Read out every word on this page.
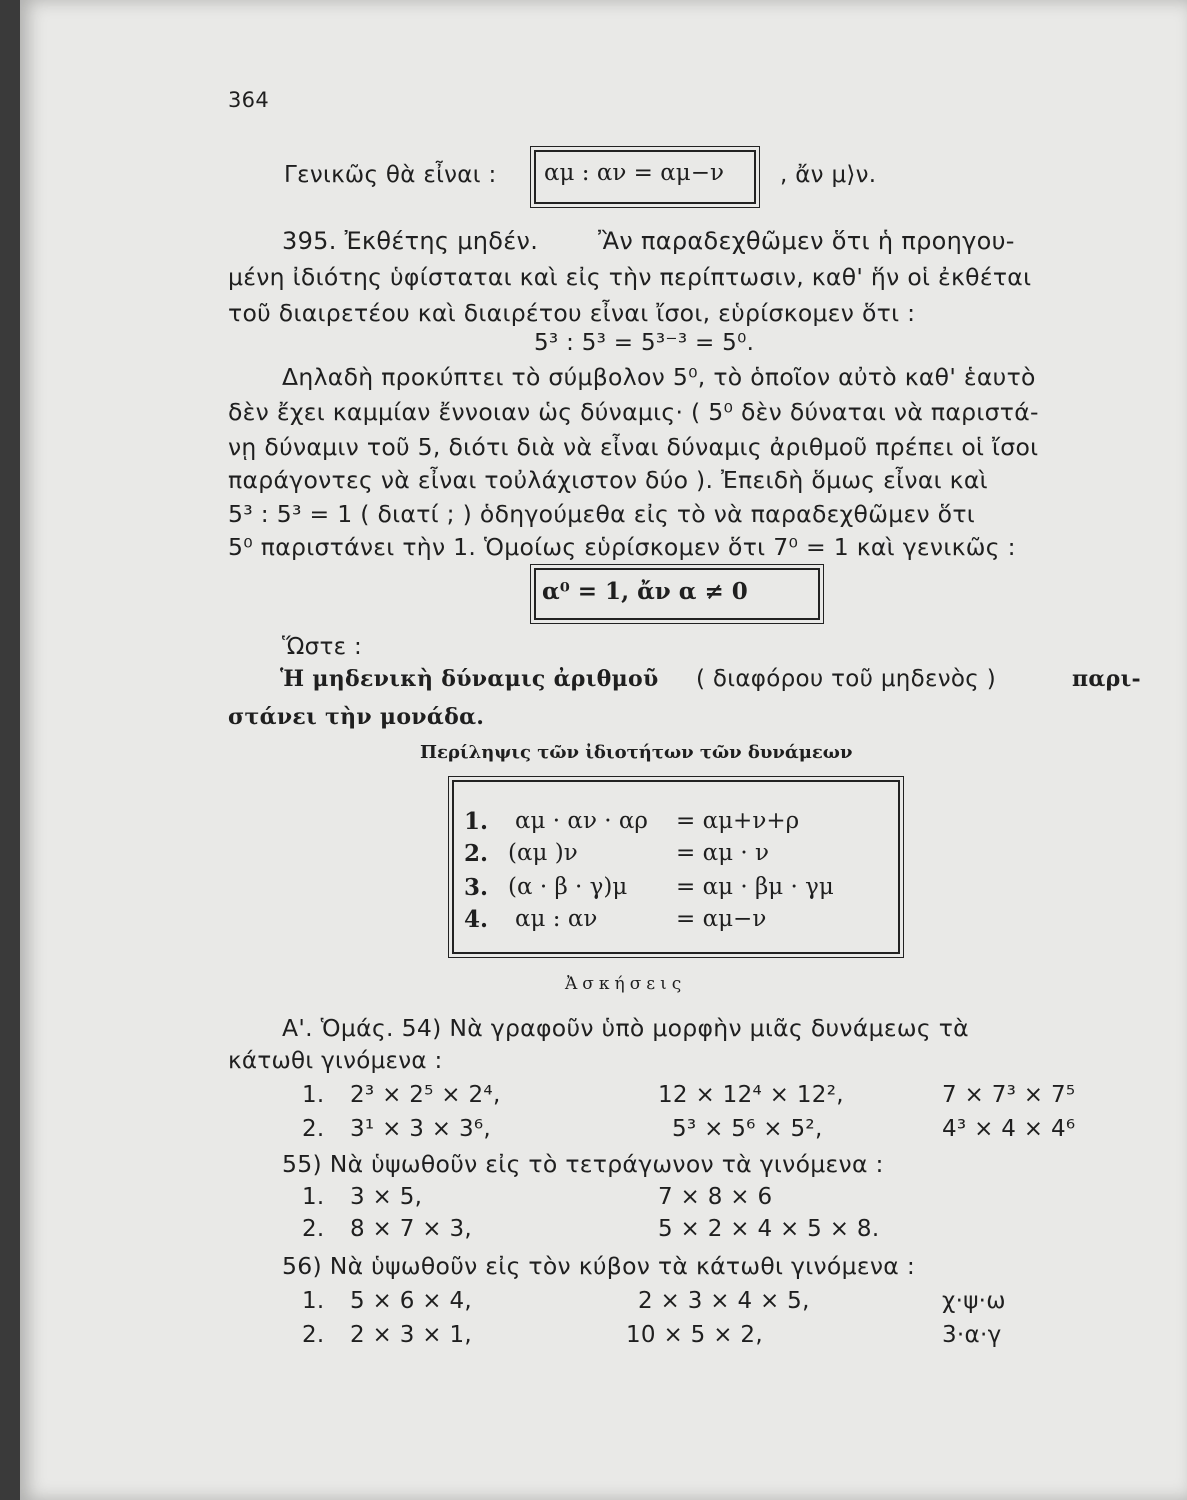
364
Γενικῶς θὰ εἶναι : αμ : αν = αμ−ν , ἄν μ⟩ν.
395. Ἐκθέτης μηδέν. Ἂν παραδεχθῶμεν ὅτι ἡ προηγου-
μένη ἰδιότης ὑφίσταται καὶ εἰς τὴν περίπτωσιν, καθ' ἥν οἱ ἐκθέται
τοῦ διαιρετέου καὶ διαιρέτου εἶναι ἴσοι, εὑρίσκομεν ὅτι :
5³ : 5³ = 5³⁻³ = 5⁰.
Δηλαδὴ προκύπτει τὸ σύμβολον 5⁰, τὸ ὁποῖον αὐτὸ καθ' ἑαυτὸ
δὲν ἔχει καμμίαν ἔννοιαν ὡς δύναμις· ( 5⁰ δὲν δύναται νὰ παριστά-
νῃ δύναμιν τοῦ 5, διότι διὰ νὰ εἶναι δύναμις ἀριθμοῦ πρέπει οἱ ἴσοι
παράγοντες νὰ εἶναι τοὐλάχιστον δύο ). Ἐπειδὴ ὅμως εἶναι καὶ
5³ : 5³ = 1 ( διατί ; ) ὁδηγούμεθα εἰς τὸ νὰ παραδεχθῶμεν ὅτι
5⁰ παριστάνει τὴν 1. Ὁμοίως εὑρίσκομεν ὅτι 7⁰ = 1 καὶ γενικῶς :
α⁰ = 1, ἄν α ≠ 0
Ὥστε :
Ἡ μηδενικὴ δύναμις ἀριθμοῦ ( διαφόρου τοῦ μηδενὸς )	παρι-
στάνει τὴν μονάδα.
Περίληψις τῶν ἰδιοτήτων τῶν δυνάμεων
1. αμ · αν · αρ = αμ+ν+ρ
2. (αμ )ν	= αμ · ν
3. (α · β · γ)μ = αμ · βμ · γμ
4. αμ : αν	= αμ−ν
Ἀσκήσεις
Α'. Ὁμάς. 54) Νὰ γραφοῦν ὑπὸ μορφὴν μιᾶς δυνάμεως τὰ
κάτωθι γινόμενα :
1. 2³ × 2⁵ × 2⁴,	12 × 12⁴ × 12²,	7 × 7³ × 7⁵
2. 3¹ × 3 × 3⁶,	5³ × 5⁶ × 5²,	4³ × 4 × 4⁶
55) Νὰ ὑψωθοῦν εἰς τὸ τετράγωνον τὰ γινόμενα :
1. 3 × 5,	7 × 8 × 6
2. 8 × 7 × 3,	5 × 2 × 4 × 5 × 8.
56) Νὰ ὑψωθοῦν εἰς τὸν κύβον τὰ κάτωθι γινόμενα :
1. 5 × 6 × 4,	2 × 3 × 4 × 5,	χ·ψ·ω
2. 2 × 3 × 1,	10 × 5 × 2,	3·α·γ
